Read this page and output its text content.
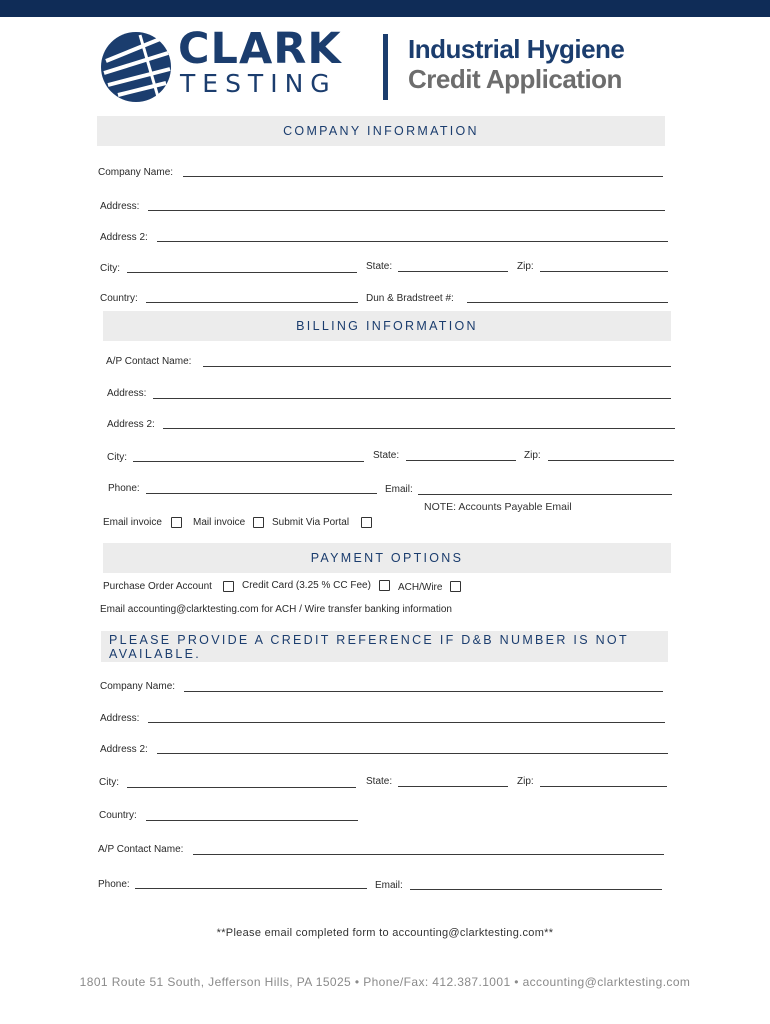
CLARK
TESTING
Industrial Hygiene
Credit Application
COMPANY INFORMATION
Company Name:
Address:
Address 2:
City:	State:	Zip:
Country:	Dun & Bradstreet #:
BILLING INFORMATION
A/P Contact Name:
Address:
Address 2:
City:	State:	Zip:
Phone:	Email:
NOTE: Accounts Payable Email
Email invoice	Mail invoice	Submit Via Portal
PAYMENT OPTIONS
Purchase Order Account	Credit Card (3.25 % CC Fee)	ACH/Wire
Email accounting@clarktesting.com for ACH / Wire transfer banking information
PLEASE PROVIDE A CREDIT REFERENCE IF D&B NUMBER IS NOT AVAILABLE.
Company Name:
Address:
Address 2:
City:	State:	Zip:
Country:
A/P Contact Name:
Phone:	Email:
**Please email completed form to accounting@clarktesting.com**
1801 Route 51 South, Jefferson Hills, PA 15025 • Phone/Fax: 412.387.1001 • accounting@clarktesting.com
